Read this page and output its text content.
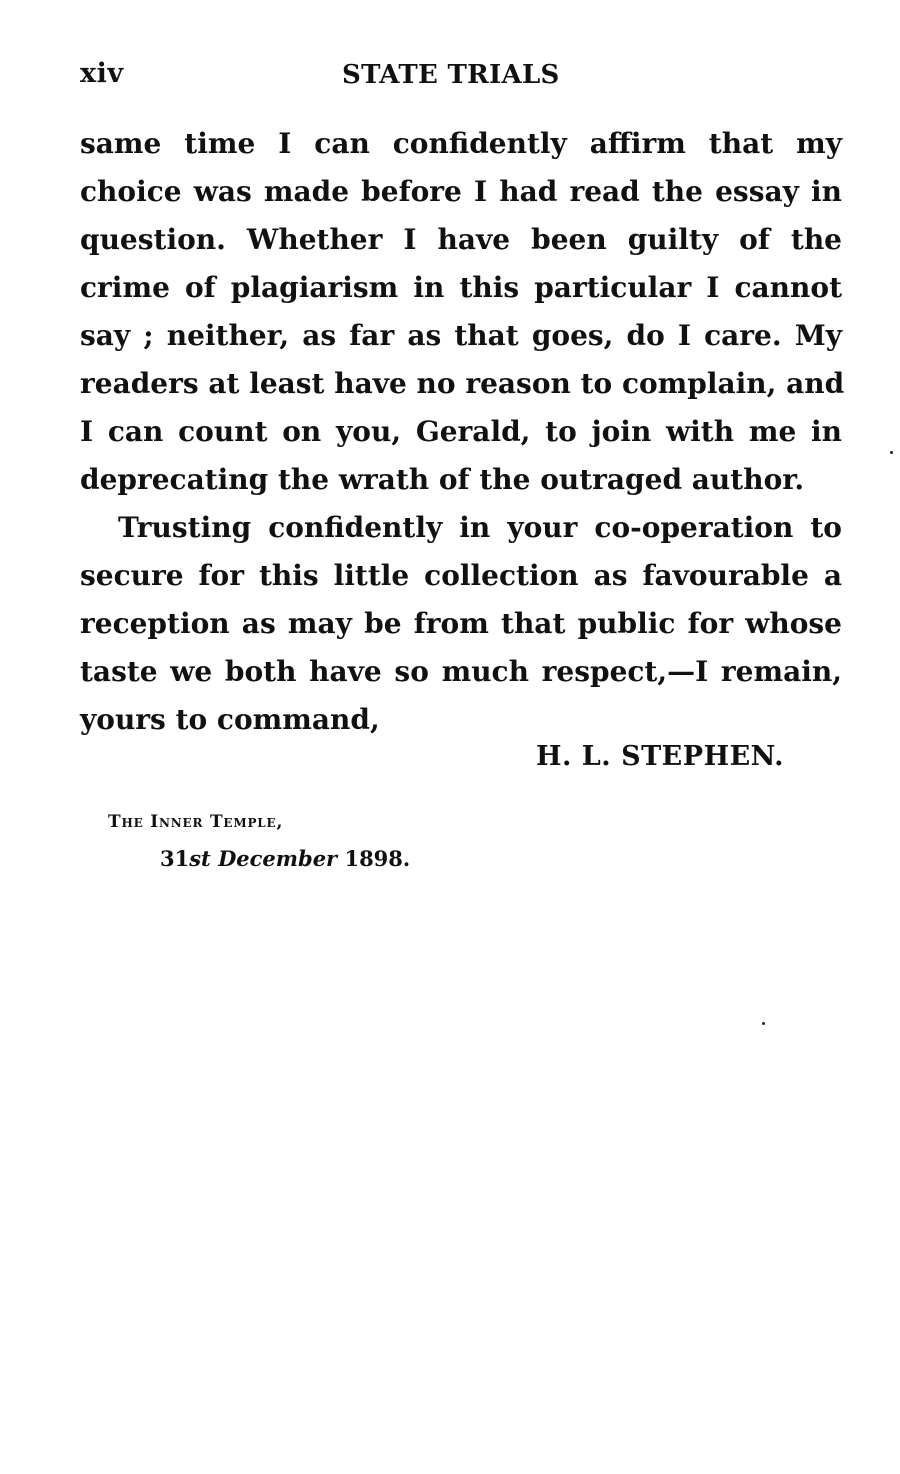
xiv	STATE TRIALS
same time I can confidently affirm that my
choice was made before I had read the essay in
question. Whether I have been guilty of the
crime of plagiarism in this particular I cannot
say ; neither, as far as that goes, do I care. My
readers at least have no reason to complain, and
I can count on you, Gerald, to join with me in
deprecating the wrath of the outraged author.
Trusting confidently in your co-operation to
secure for this little collection as favourable a
reception as may be from that public for whose
taste we both have so much respect,—I remain,
yours to command,
H. L. STEPHEN.
The Inner Temple,
31st December 1898.
